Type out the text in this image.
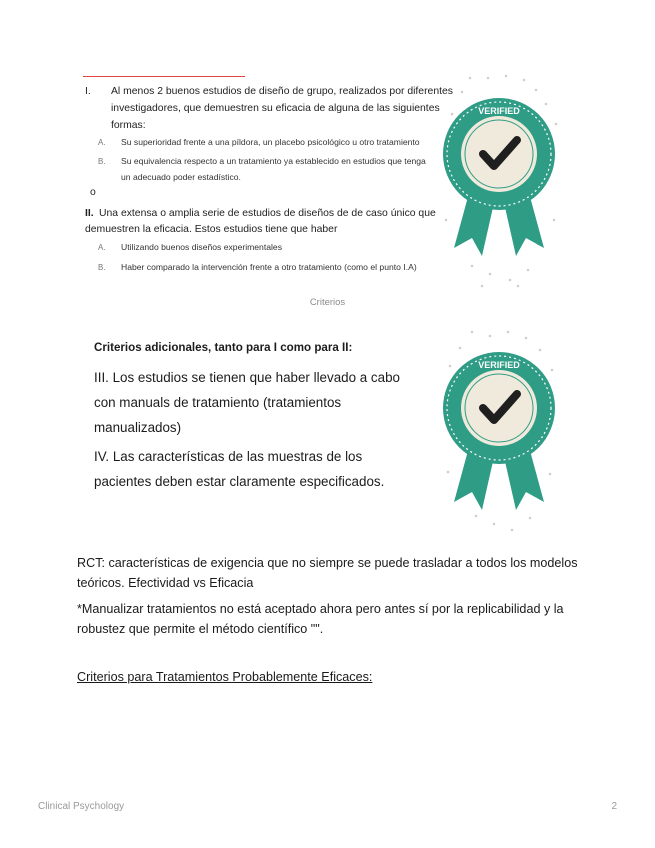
I. Al menos 2 buenos estudios de diseño de grupo, realizados por diferentes
investigadores, que demuestren su eficacia de alguna de las siguientes
formas:
A. Su superioridad frente a una píldora, un placebo psicológico u otro tratamiento
B. Su equivalencia respecto a un tratamiento ya establecido en estudios que tenga
un adecuado poder estadístico.
o
II. Una extensa o amplia serie de estudios de diseños de de caso único que
demuestren la eficacia. Estos estudios tiene que haber
A. Utilizando buenos diseños experimentales
B. Haber comparado la intervención frente a otro tratamiento (como el punto I.A)
VERIFIED
Criterios
Criterios adicionales, tanto para I como para II:
III. Los estudios se tienen que haber llevado a cabo
con manuals de tratamiento (tratamientos
manualizados)
IV. Las características de las muestras de los
pacientes deben estar claramente especificados.
VERIFIED

RCT: características de exigencia que no siempre se puede trasladar a todos los modelos teóricos. Efectividad vs Eficacia

*Manualizar tratamientos no está aceptado ahora pero antes sí por la replicabilidad y la robustez que permite el método científico "".

Criterios para Tratamientos Probablemente Eficaces:
Clinical Psychology	2
